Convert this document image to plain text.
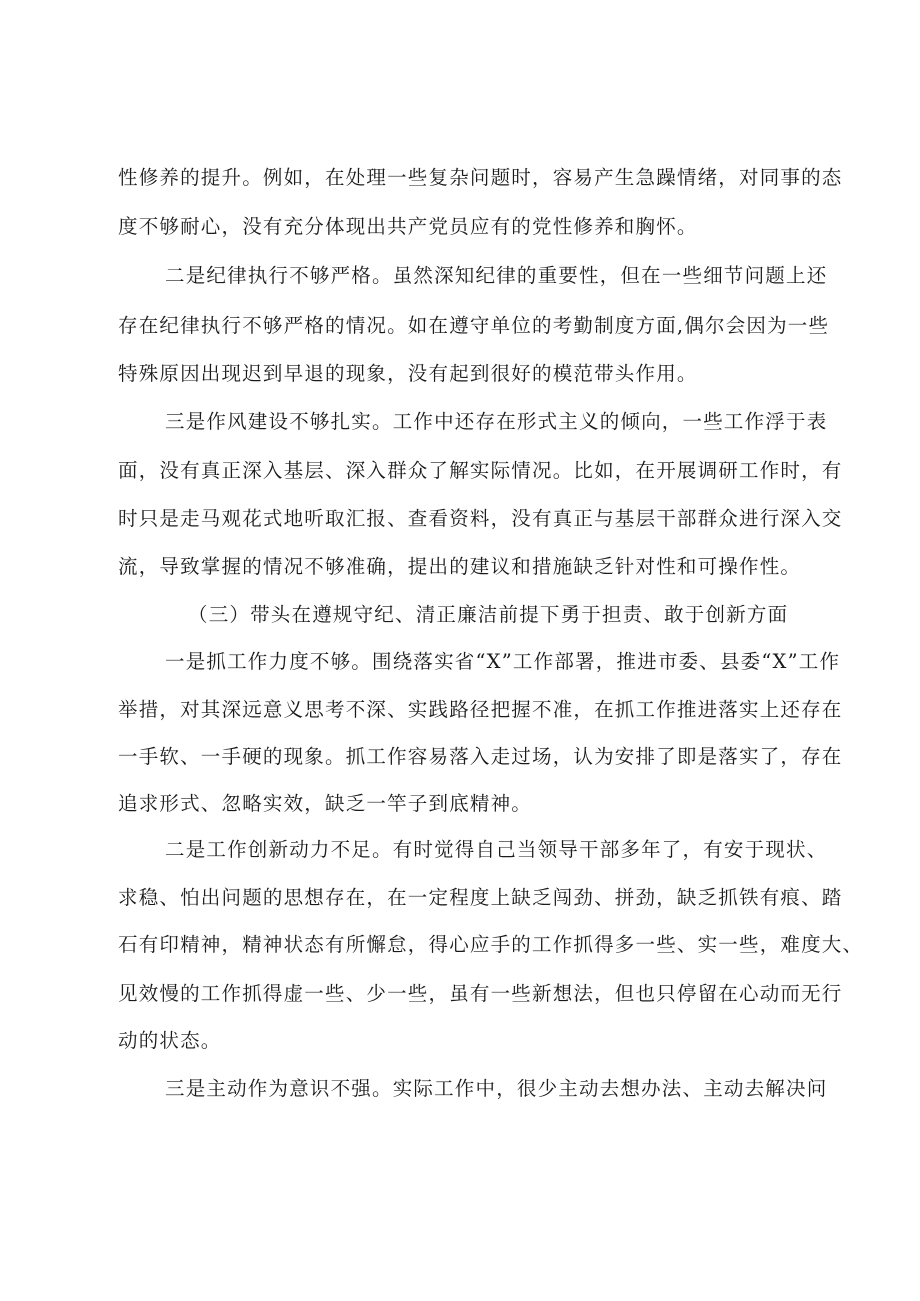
性修养的提升。例如，在处理一些复杂问题时，容易产生急躁情绪，对同事的态
度不够耐心，没有充分体现出共产党员应有的党性修养和胸怀。
二是纪律执行不够严格。虽然深知纪律的重要性，但在一些细节问题上还
存在纪律执行不够严格的情况。如在遵守单位的考勤制度方面,偶尔会因为一些
特殊原因出现迟到早退的现象，没有起到很好的模范带头作用。
三是作风建设不够扎实。工作中还存在形式主义的倾向，一些工作浮于表
面，没有真正深入基层、深入群众了解实际情况。比如，在开展调研工作时，有
时只是走马观花式地听取汇报、查看资料，没有真正与基层干部群众进行深入交
流，导致掌握的情况不够准确，提出的建议和措施缺乏针对性和可操作性。
（三）带头在遵规守纪、清正廉洁前提下勇于担责、敢于创新方面
一是抓工作力度不够。围绕落实省“X”工作部署，推进市委、县委“X”工作
举措，对其深远意义思考不深、实践路径把握不准，在抓工作推进落实上还存在
一手软、一手硬的现象。抓工作容易落入走过场，认为安排了即是落实了，存在
追求形式、忽略实效，缺乏一竿子到底精神。
二是工作创新动力不足。有时觉得自己当领导干部多年了，有安于现状、
求稳、怕出问题的思想存在，在一定程度上缺乏闯劲、拼劲，缺乏抓铁有痕、踏
石有印精神，精神状态有所懈怠，得心应手的工作抓得多一些、实一些，难度大、
见效慢的工作抓得虚一些、少一些，虽有一些新想法，但也只停留在心动而无行
动的状态。
三是主动作为意识不强。实际工作中，很少主动去想办法、主动去解决问
